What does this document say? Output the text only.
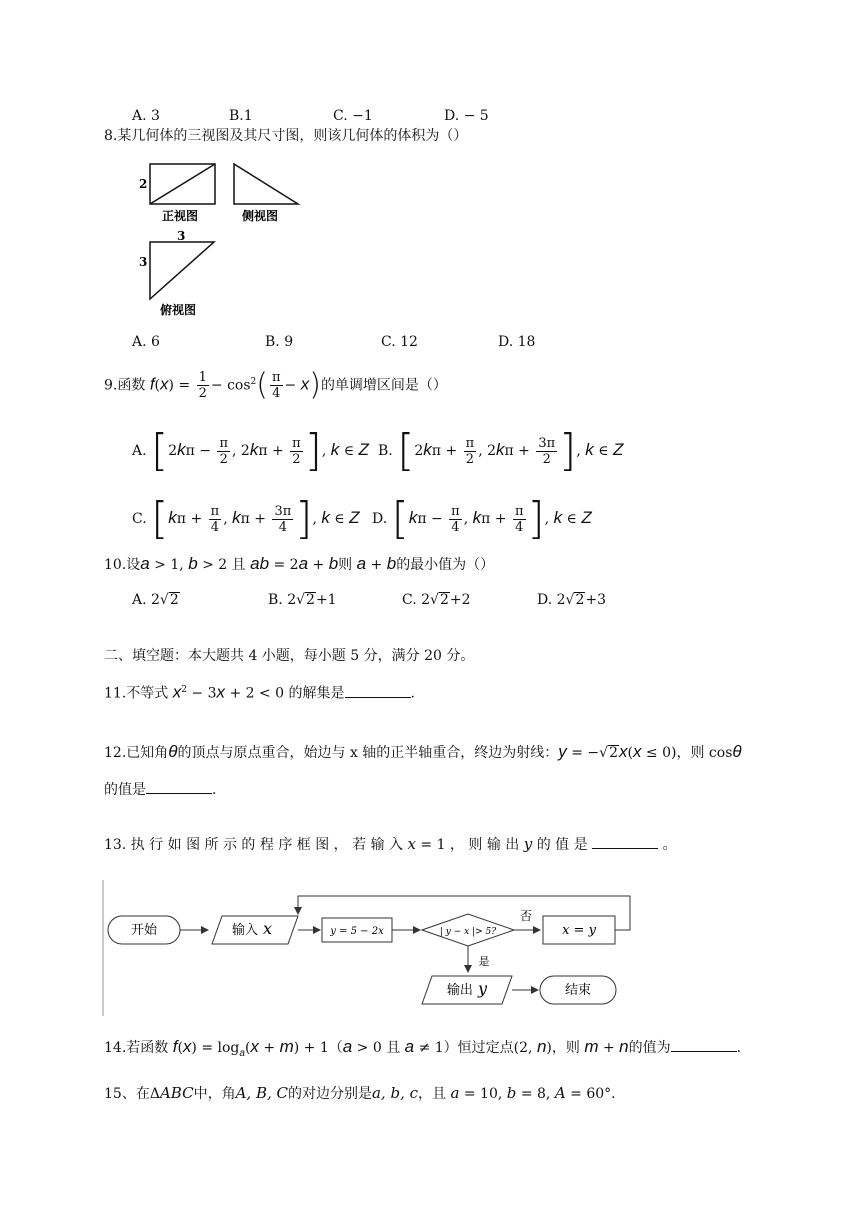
A. 3	B.1	C. −1	D. − 5
8.某几何体的三视图及其尺寸图，则该几何体的体积为（）
2
正视图	侧视图
3
3
俯视图
A. 6	B. 9	C. 12	D. 18
9.函数 $f(x) = \frac{1}{2} - \cos^2( \frac{\pi}{4} - x)$的单调增区间是（）
A. [$2k\pi - \frac{\pi}{2}$ , $2k\pi + \frac{\pi}{2}$ ], k ∈ Z B. [$2k\pi + \frac{\pi}{2}$ , $2k\pi + \frac{3\pi}{2}$ ], k ∈ Z
C. [$k\pi + \frac{\pi}{4}$ , $k\pi + \frac{3\pi}{4}$ ], k ∈ Z D. [$k\pi - \frac{\pi}{4}$ , $k\pi + \frac{\pi}{4}$ ], k ∈ Z
10.设a > 1, b > 2 且 ab = 2a + b则 a + b的最小值为（）
A. 2√2	B. 2√2+1	C. 2√2+2	D. 2√2+3
二、填空题：本大题共 4 小题，每小题 5 分，满分 20 分。
11.不等式 $x^2 - 3x + 2 < 0$ 的解集是	.
12.已知角θ的顶点与原点重合，始边与 x 轴的正半轴重合，终边为射线：y = −√2x(x ≤ 0)，则 cosθ
的值是	.
13. 执 行 如 图 所 示 的 程 序 框 图 ， 若 输 入 x = 1 ， 则 输 出 y 的 值 是	。
开始	输入 x	y = 5 − 2x	| y − x |> 5?
否
x = y
是
输出 y	结束
14.若函数 $f(x) = \log_a(x + m) + 1(a > 0$ 且 a ≠ 1）恒过定点(2, n)，则 m + n的值为	.
15、在ΔABC中，角A, B, C的对边分别是a, b, c，且 a = 10, b = 8, A = 60°.
